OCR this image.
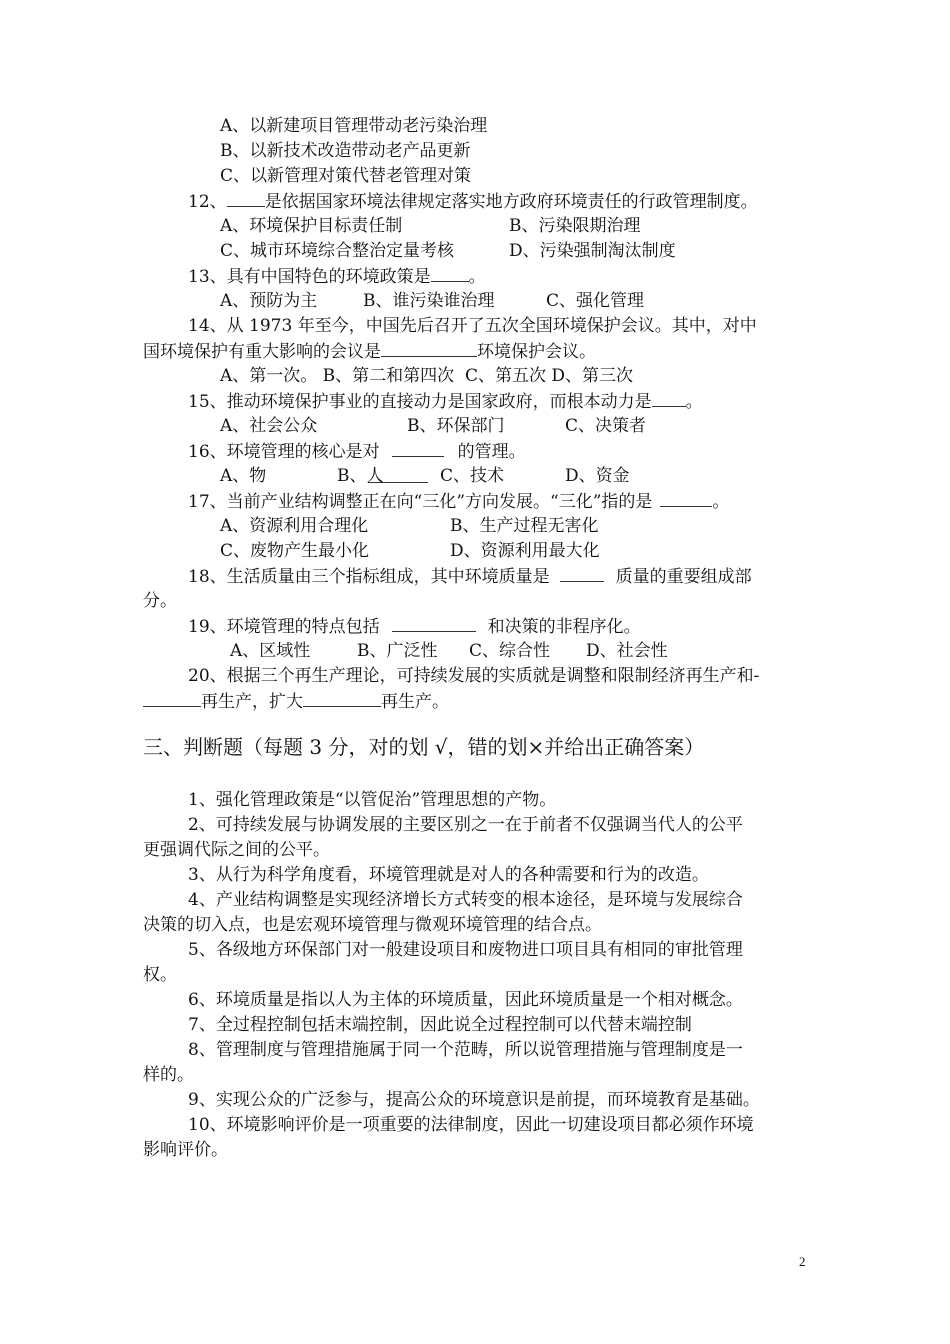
A、以新建项目管理带动老污染治理
B、以新技术改造带动老产品更新
C、以新管理对策代替老管理对策
12、 是依据国家环境法律规定落实地方政府环境责任的行政管理制度。
A、环境保护目标责任制	B、污染限期治理
C、城市环境综合整治定量考核	D、污染强制淘汰制度
13、具有中国特色的环境政策是 。
A、预防为主	B、谁污染谁治理	C、强化管理
14、从 1973 年至今，中国先后召开了五次全国环境保护会议。其中，对中
国环境保护有重大影响的会议是	环境保护会议。
A、第一次。 B、第二和第四次  C、第五次 D、第三次
15、推动环境保护事业的直接动力是国家政府，而根本动力是 。
A、社会公众	B、环保部门	C、决策者
16、环境管理的核心是对	的管理。
A、物	B、人	C、技术	D、资金
17、当前产业结构调整正在向“三化”方向发展。“三化”指的是	。
A、资源利用合理化	B、生产过程无害化
C、废物产生最小化	D、资源利用最大化
18、生活质量由三个指标组成，其中环境质量是	质量的重要组成部
分。
19、环境管理的特点包括	和决策的非程序化。
A、区域性	B、广泛性 C、综合性 D、社会性
20、根据三个再生产理论，可持续发展的实质就是调整和限制经济再生产和-
再生产，扩大	再生产。
三、判断题（每题 3 分，对的划 √，错的划×并给出正确答案）
1、强化管理政策是“以管促治”管理思想的产物。
2、可持续发展与协调发展的主要区别之一在于前者不仅强调当代人的公平
更强调代际之间的公平。
3、从行为科学角度看，环境管理就是对人的各种需要和行为的改造。
4、产业结构调整是实现经济增长方式转变的根本途径，是环境与发展综合
决策的切入点，也是宏观环境管理与微观环境管理的结合点。
5、各级地方环保部门对一般建设项目和废物进口项目具有相同的审批管理
权。
6、环境质量是指以人为主体的环境质量，因此环境质量是一个相对概念。
7、全过程控制包括末端控制，因此说全过程控制可以代替末端控制
8、管理制度与管理措施属于同一个范畴，所以说管理措施与管理制度是一
样的。
9、实现公众的广泛参与，提高公众的环境意识是前提，而环境教育是基础。
10、环境影响评价是一项重要的法律制度，因此一切建设项目都必须作环境
影响评价。
2
